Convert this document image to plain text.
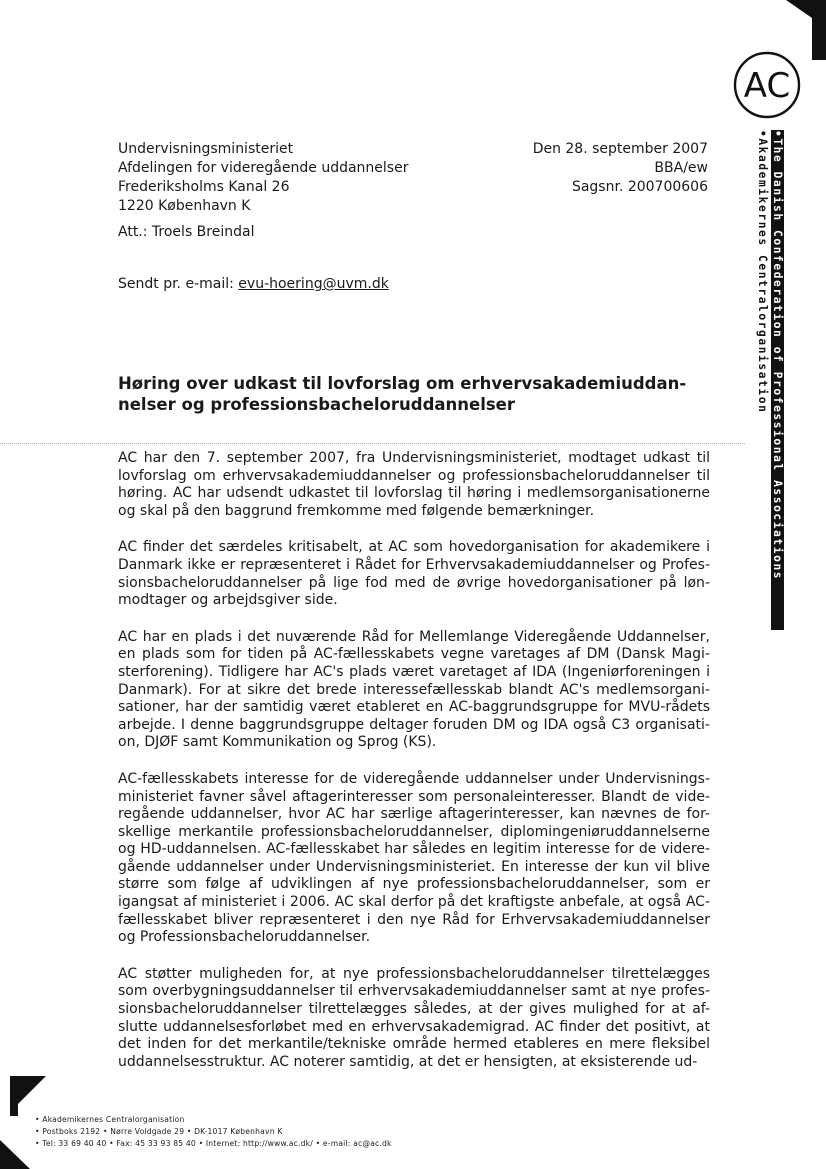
AC
•Akademikernes Centralorganisation •The Danish Confederation of Professional Associations
Undervisningsministeriet
Afdelingen for videregående uddannelser
Frederiksholms Kanal 26
1220 København K
Den 28. september 2007
BBA/ew
Sagsnr. 200700606
Att.: Troels Breindal
Sendt pr. e-mail: evu-hoering@uvm.dk
Høring over udkast til lovforslag om erhvervsakademiuddan-
nelser og professionsbacheloruddannelser

AC har den 7. september 2007, fra Undervisningsministeriet, modtaget udkast til lovforslag om erhvervsakademiuddannelser og professionsbacheloruddannelser til høring. AC har udsendt udkastet til lovforslag til høring i medlemsorganisationerne og skal på den baggrund fremkomme med følgende bemærkninger.

AC finder det særdeles kritisabelt, at AC som hovedorganisation for akademikere i Danmark ikke er repræsenteret i Rådet for Erhvervsakademiuddannelser og Profes-sionsbacheloruddannelser på lige fod med de øvrige hovedorganisationer på løn-modtager og arbejdsgiver side.

AC har en plads i det nuværende Råd for Mellemlange Videregående Uddannelser, en plads som for tiden på AC-fællesskabets vegne varetages af DM (Dansk Magi-sterforening). Tidligere har AC's plads været varetaget af IDA (Ingeniørforeningen i Danmark). For at sikre det brede interessefællesskab blandt AC's medlemsorgani-sationer, har der samtidig været etableret en AC-baggrundsgruppe for MVU-rådets arbejde. I denne baggrundsgruppe deltager foruden DM og IDA også C3 organisati-on, DJØF samt Kommunikation og Sprog (KS).

AC-fællesskabets interesse for de videregående uddannelser under Undervisnings-ministeriet favner såvel aftagerinteresser som personaleinteresser. Blandt de vide-regående uddannelser, hvor AC har særlige aftagerinteresser, kan nævnes de for-skellige merkantile professionsbacheloruddannelser, diplomingeniøruddannelserne og HD-uddannelsen. AC-fællesskabet har således en legitim interesse for de videre-gående uddannelser under Undervisningsministeriet. En interesse der kun vil blive større som følge af udviklingen af nye professionsbacheloruddannelser, som er igangsat af ministeriet i 2006. AC skal derfor på det kraftigste anbefale, at også AC-fællesskabet bliver repræsenteret i den nye Råd for Erhvervsakademiuddannelser og Professionsbacheloruddannelser.

AC støtter muligheden for, at nye professionsbacheloruddannelser tilrettelægges som overbygningsuddannelser til erhvervsakademiuddannelser samt at nye profes-sionsbacheloruddannelser tilrettelægges således, at der gives mulighed for at af-slutte uddannelsesforløbet med en erhvervsakademigrad. AC finder det positivt, at det inden for det merkantile/tekniske område hermed etableres en mere fleksibel uddannelsesstruktur. AC noterer samtidig, at det er hensigten, at eksisterende ud-

• Akademikernes Centralorganisation
• Postboks 2192 • Nørre Voldgade 29 • DK-1017 København K
• Tel: 33 69 40 40 • Fax: 45 33 93 85 40 • Internet: http://www.ac.dk/ • e-mail: ac@ac.dk
